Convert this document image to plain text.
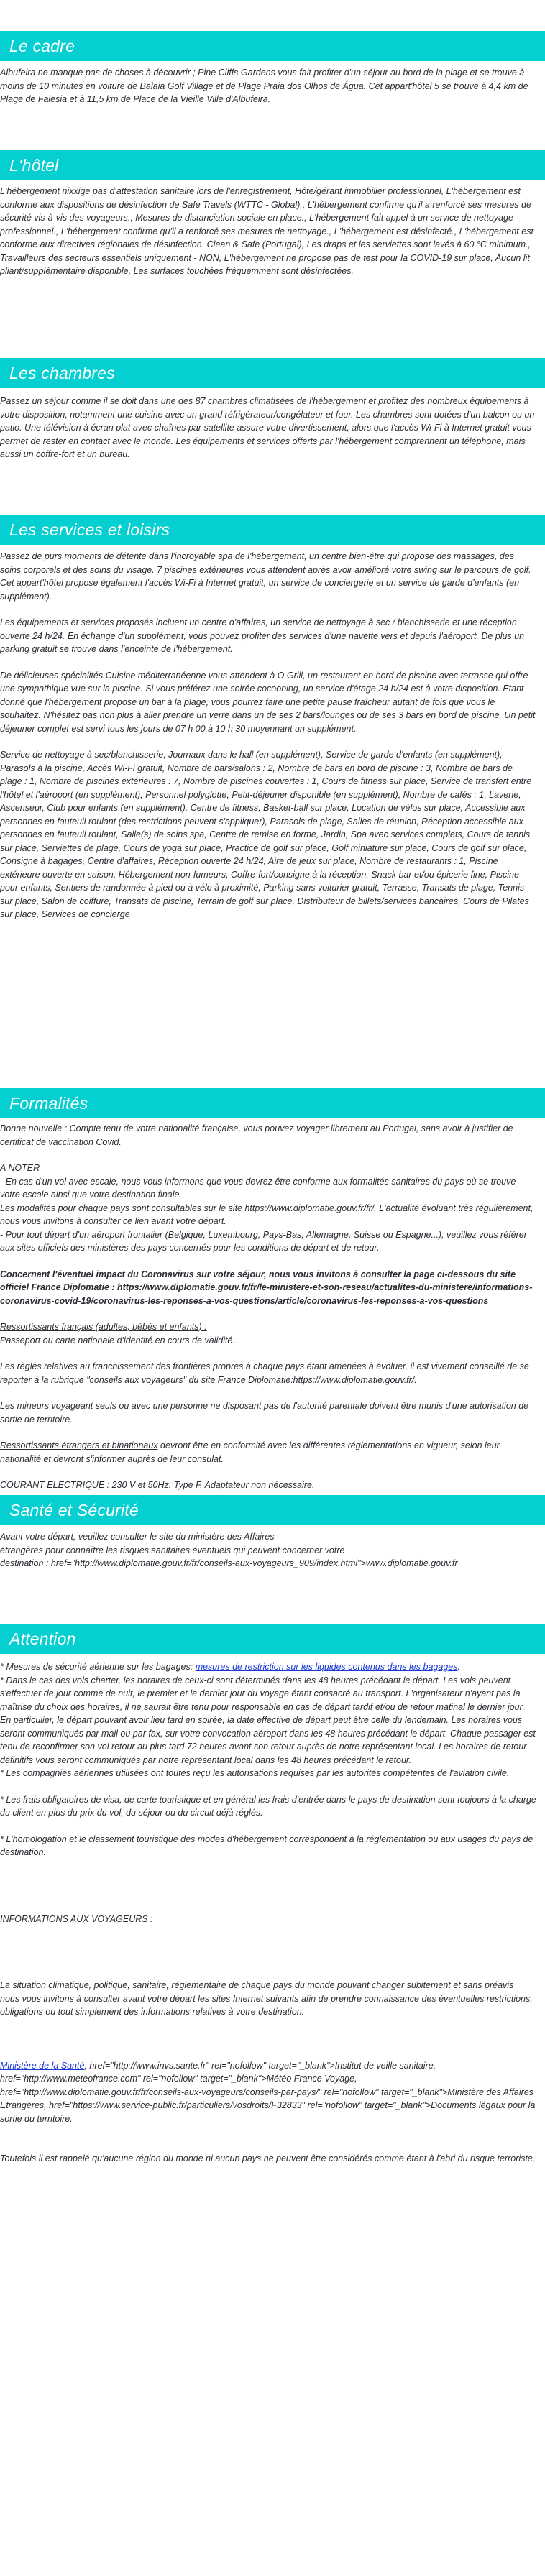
Le cadre

Albufeira ne manque pas de choses à découvrir ; Pine Cliffs Gardens vous fait profiter d'un séjour au bord de la plage et se trouve à moins de 10 minutes en voiture de Balaia Golf Village et de Plage Praia dos Olhos de Água. Cet appart'hôtel 5 se trouve à 4,4 km de Plage de Falesia et à 11,5 km de Place de la Vieille Ville d'Albufeira.

L'hôtel

L'hébergement nixxige pas d'attestation sanitaire lors de l'enregistrement, Hôte/gérant immobilier professionnel, L'hébergement est conforme aux dispositions de désinfection de Safe Travels (WTTC - Global)., L'hébergement confirme qu'il a renforcé ses mesures de sécurité vis-à-vis des voyageurs., Mesures de distanciation sociale en place., L'hébergement fait appel à un service de nettoyage professionnel., L'hébergement confirme qu'il a renforcé ses mesures de nettoyage., L'hébergement est désinfecté., L'hébergement est conforme aux directives régionales de désinfection. Clean & Safe (Portugal), Les draps et les serviettes sont lavés à 60 °C minimum., Travailleurs des secteurs essentiels uniquement - NON, L'hébergement ne propose pas de test pour la COVID-19 sur place, Aucun lit pliant/supplémentaire disponible, Les surfaces touchées fréquemment sont désinfectées.

Les chambres

Passez un séjour comme il se doit dans une des 87 chambres climatisées de l'hébergement et profitez des nombreux équipements à votre disposition, notamment une cuisine avec un grand réfrigérateur/congélateur et four. Les chambres sont dotées d'un balcon ou un patio. Une télévision à écran plat avec chaînes par satellite assure votre divertissement, alors que l'accès Wi-Fi à Internet gratuit vous permet de rester en contact avec le monde. Les équipements et services offerts par l'hébergement comprennent un téléphone, mais aussi un coffre-fort et un bureau.

Les services et loisirs

Passez de purs moments de détente dans l'incroyable spa de l'hébergement, un centre bien-être qui propose des massages, des soins corporels et des soins du visage. 7 piscines extérieures vous attendent après avoir amélioré votre swing sur le parcours de golf. Cet appart'hôtel propose également l'accès Wi-Fi à Internet gratuit, un service de conciergerie et un service de garde d'enfants (en supplément).

Les équipements et services proposés incluent un centre d'affaires, un service de nettoyage à sec / blanchisserie et une réception ouverte 24 h/24. En échange d'un supplément, vous pouvez profiter des services d'une navette vers et depuis l'aéroport. De plus un parking gratuit se trouve dans l'enceinte de l'hébergement.

De délicieuses spécialités Cuisine méditerranéenne vous attendent à O Grill, un restaurant en bord de piscine avec terrasse qui offre une sympathique vue sur la piscine. Si vous préférez une soirée cocooning, un service d'étage 24 h/24 est à votre disposition. Étant donné que l'hébergement propose un bar à la plage, vous pourrez faire une petite pause fraîcheur autant de fois que vous le souhaitez. N'hésitez pas non plus à aller prendre un verre dans un de ses 2 bars/lounges ou de ses 3 bars en bord de piscine. Un petit déjeuner complet est servi tous les jours de 07 h 00 à 10 h 30 moyennant un supplément.

Service de nettoyage à sec/blanchisserie, Journaux dans le hall (en supplément), Service de garde d'enfants (en supplément), Parasols à la piscine, Accès Wi-Fi gratuit, Nombre de bars/salons : 2, Nombre de bars en bord de piscine : 3, Nombre de bars de plage : 1, Nombre de piscines extérieures : 7, Nombre de piscines couvertes : 1, Cours de fitness sur place, Service de transfert entre l'hôtel et l'aéroport (en supplément), Personnel polyglotte, Petit-déjeuner disponible (en supplément), Nombre de cafés : 1, Laverie, Ascenseur, Club pour enfants (en supplément), Centre de fitness, Basket-ball sur place, Location de vélos sur place, Accessible aux personnes en fauteuil roulant (des restrictions peuvent s'appliquer), Parasols de plage, Salles de réunion, Réception accessible aux personnes en fauteuil roulant, Salle(s) de soins spa, Centre de remise en forme, Jardin, Spa avec services complets, Cours de tennis sur place, Serviettes de plage, Cours de yoga sur place, Practice de golf sur place, Golf miniature sur place, Cours de golf sur place, Consigne à bagages, Centre d'affaires, Réception ouverte 24 h/24, Aire de jeux sur place, Nombre de restaurants : 1, Piscine extérieure ouverte en saison, Hébergement non-fumeurs, Coffre-fort/consigne à la réception, Snack bar et/ou épicerie fine, Piscine pour enfants, Sentiers de randonnée à pied ou à vélo à proximité, Parking sans voiturier gratuit, Terrasse, Transats de plage, Tennis sur place, Salon de coiffure, Transats de piscine, Terrain de golf sur place, Distributeur de billets/services bancaires, Cours de Pilates sur place, Services de concierge

Formalités

Bonne nouvelle : Compte tenu de votre nationalité française, vous pouvez voyager librement au Portugal, sans avoir à justifier de certificat de vaccination Covid.

A NOTER

- En cas d'un vol avec escale, nous vous informons que vous devrez être conforme aux formalités sanitaires du pays où se trouve votre escale ainsi que votre destination finale.

Les modalités pour chaque pays sont consultables sur le site https://www.diplomatie.gouv.fr/fr/. L'actualité évoluant très régulièrement, nous vous invitons à consulter ce lien avant votre départ.

- Pour tout départ d'un aéroport frontalier (Belgique, Luxembourg, Pays-Bas, Allemagne, Suisse ou Espagne...), veuillez vous référer aux sites officiels des ministères des pays concernés pour les conditions de départ et de retour.

Concernant l'éventuel impact du Coronavirus sur votre séjour, nous vous invitons à consulter la page ci-dessous du site officiel France Diplomatie : https://www.diplomatie.gouv.fr/fr/le-ministere-et-son-reseau/actualites-du-ministere/informations-coronavirus-covid-19/coronavirus-les-reponses-a-vos-questions/article/coronavirus-les-reponses-a-vos-questions

Ressortissants français (adultes, bébés et enfants) :

Passeport ou carte nationale d'identité en cours de validité.

Les règles relatives au franchissement des frontières propres à chaque pays étant amenées à évoluer, il est vivement conseillé de se reporter à la rubrique "conseils aux voyageurs" du site France Diplomatie:https://www.diplomatie.gouv.fr/.

Les mineurs voyageant seuls ou avec une personne ne disposant pas de l'autorité parentale doivent être munis d'une autorisation de sortie de territoire.

Ressortissants étrangers et binationaux devront être en conformité avec les différentes réglementations en vigueur, selon leur nationalité et devront s'informer auprès de leur consulat.

COURANT ELECTRIQUE : 230 V et 50Hz. Type F. Adaptateur non nécessaire.

Santé et Sécurité

Avant votre départ, veuillez consulter le site du ministère des Affaires

étrangères pour connaître les risques sanitaires éventuels qui peuvent concerner votre

destination : href="http://www.diplomatie.gouv.fr/fr/conseils-aux-voyageurs_909/index.html">www.diplomatie.gouv.fr

Attention

* Mesures de sécurité aérienne sur les bagages: mesures de restriction sur les liquides contenus dans les bagages.

* Dans le cas des vols charter, les horaires de ceux-ci sont déterminés dans les 48 heures précédant le départ. Les vols peuvent s'effectuer de jour comme de nuit, le premier et le dernier jour du voyage étant consacré au transport. L'organisateur n'ayant pas la maîtrise du choix des horaires, il ne saurait être tenu pour responsable en cas de départ tardif et/ou de retour matinal le dernier jour. En particulier, le départ pouvant avoir lieu tard en soirée, la date effective de départ peut être celle du lendemain. Les horaires vous seront communiqués par mail ou par fax, sur votre convocation aéroport dans les 48 heures précédant le départ. Chaque passager est tenu de reconfirmer son vol retour au plus tard 72 heures avant son retour auprès de notre représentant local. Les horaires de retour définitifs vous seront communiqués par notre représentant local dans les 48 heures précédant le retour.

* Les compagnies aériennes utilisées ont toutes reçu les autorisations requises par les autorités compétentes de l'aviation civile.

* Les frais obligatoires de visa, de carte touristique et en général les frais d'entrée dans le pays de destination sont toujours à la charge du client en plus du prix du vol, du séjour ou du circuit déjà réglés.

* L'homologation et le classement touristique des modes d'hébergement correspondent à la réglementation ou aux usages du pays de destination.

INFORMATIONS AUX VOYAGEURS :

La situation climatique, politique, sanitaire, réglementaire de chaque pays du monde pouvant changer subitement et sans préavis

nous vous invitons à consulter avant votre départ les sites Internet suivants afin de prendre connaissance des éventuelles restrictions, obligations ou tout simplement des informations relatives à votre destination.

Ministère de la Santé, href="http://www.invs.sante.fr" rel="nofollow" target="_blank">Institut de veille sanitaire, href="http://www.meteofrance.com" rel="nofollow" target="_blank">Météo France Voyage, href="http://www.diplomatie.gouv.fr/fr/conseils-aux-voyageurs/conseils-par-pays/" rel="nofollow" target="_blank">Ministère des Affaires Etrangères, href="https://www.service-public.fr/particuliers/vosdroits/F32833" rel="nofollow" target="_blank">Documents légaux pour la sortie du territoire.

Toutefois il est rappelé qu'aucune région du monde ni aucun pays ne peuvent être considérés comme étant à l'abri du risque terroriste.
